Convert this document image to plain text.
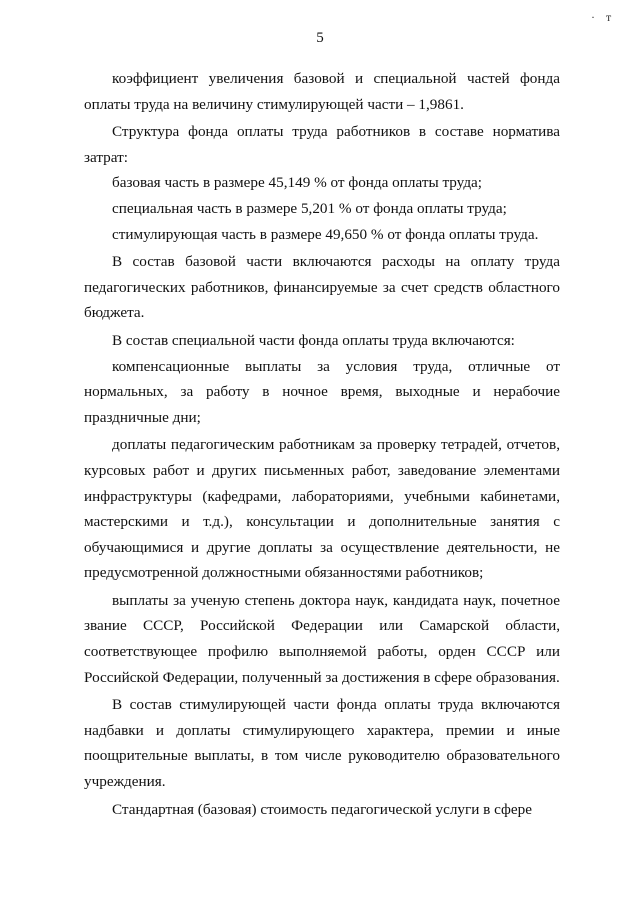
· т
5

коэффициент увеличения базовой и специальной частей фонда оплаты труда на величину стимулирующей части – 1,9861.

Структура фонда оплаты труда работников в составе норматива затрат:

базовая часть в размере 45,149 % от фонда оплаты труда;

специальная часть в размере 5,201 % от фонда оплаты труда;

стимулирующая часть в размере 49,650 % от фонда оплаты труда.

В состав базовой части включаются расходы на оплату труда педагогических работников, финансируемые за счет средств областного бюджета.

В состав специальной части фонда оплаты труда включаются:

компенсационные выплаты за условия труда, отличные от нормальных, за работу в ночное время, выходные и нерабочие праздничные дни;

доплаты педагогическим работникам за проверку тетрадей, отчетов, курсовых работ и других письменных работ, заведование элементами инфраструктуры (кафедрами, лабораториями, учебными кабинетами, мастерскими и т.д.), консультации и дополнительные занятия с обучающимися и другие доплаты за осуществление деятельности, не предусмотренной должностными обязанностями работников;

выплаты за ученую степень доктора наук, кандидата наук, почетное звание СССР, Российской Федерации или Самарской области, соответствующее профилю выполняемой работы, орден СССР или Российской Федерации, полученный за достижения в сфере образования.

В состав стимулирующей части фонда оплаты труда включаются надбавки и доплаты стимулирующего характера, премии и иные поощрительные выплаты, в том числе руководителю образовательного учреждения.

Стандартная (базовая) стоимость педагогической услуги в сфере
